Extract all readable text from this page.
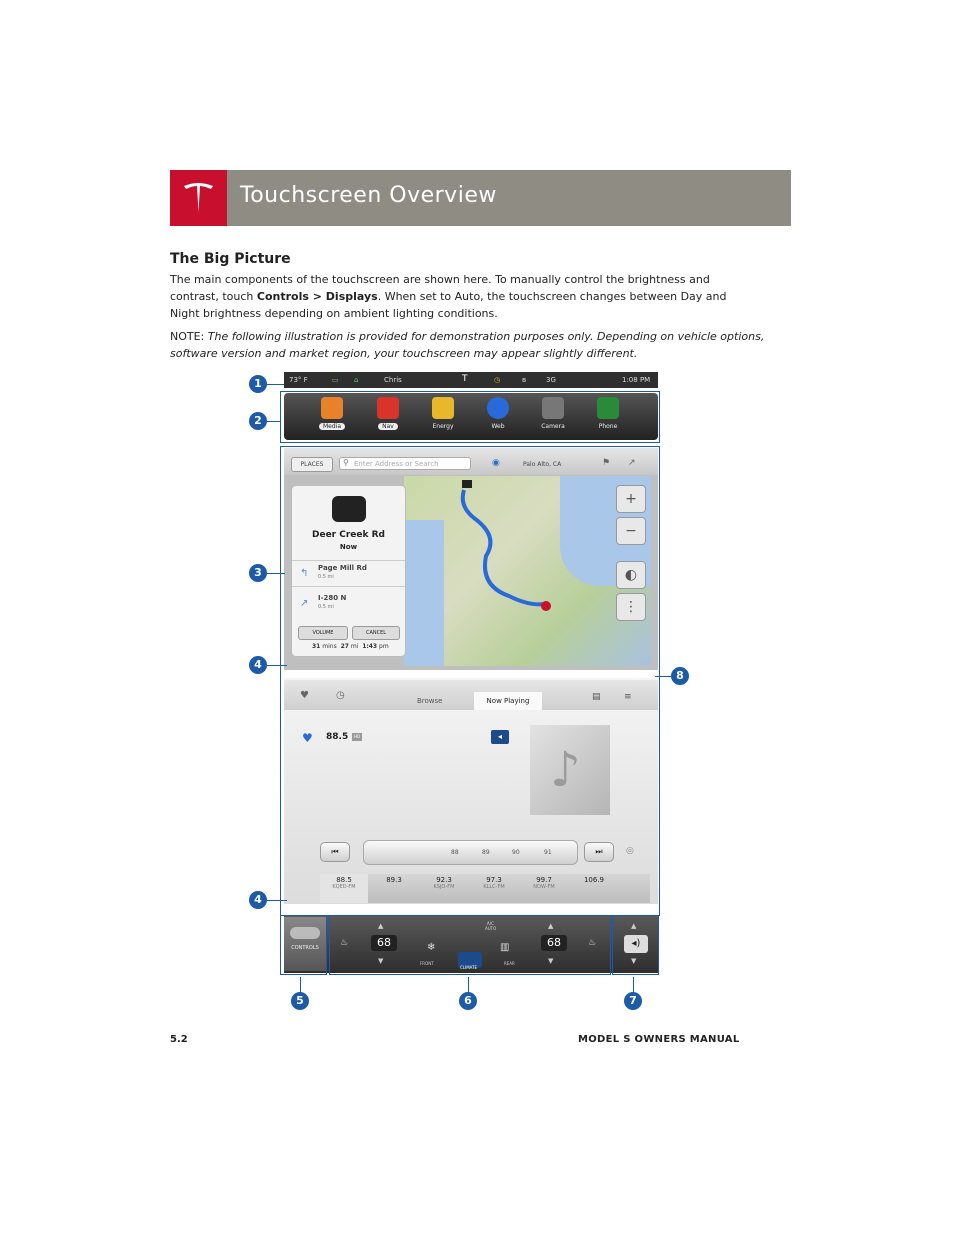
Touchscreen Overview
The Big Picture
The main components of the touchscreen are shown here. To manually control the brightness and contrast, touch Controls > Displays. When set to Auto, the touchscreen changes between Day and Night brightness depending on ambient lighting conditions.
NOTE: The following illustration is provided for demonstration purposes only. Depending on vehicle options, software version and market region, your touchscreen may appear slightly different.
73° F	▭ ⌂	Chris	T	◷	ʙ	3G	1:08 PM
Media	Nav	Energy	Web	Camera	Phone
PLACES	Enter Address or Search
⚲	◉	Palo Alto, CA	⚑ ↗
Deer Creek Rd
Now
↰ Page Mill Rd
0.5 mi
↗ I-280 N
0.5 mi
VOLUME	CANCEL
31 mins 27 mi 1:43 pm
+
−
◐
⋮
♥	◷	Browse	Now Playing	▤	≡
♥ 88.5	HD	◂
♪
⏮	88	89	90	91	⏭	◎
88.5
KQED-FM
89.3	92.3
KSJO-FM
97.3
KLLC-FM
99.7
NOW-FM
106.9
CONTROLS	♨	68
▲
▼
❄
FRONT
CLIMATE
A/C
AUTO
▥
REAR
68
▲
▼
♨	◂)
▲
▼
1
2
3
4
4
5	6	7
8
5.2	MODEL S OWNERS MANUAL
